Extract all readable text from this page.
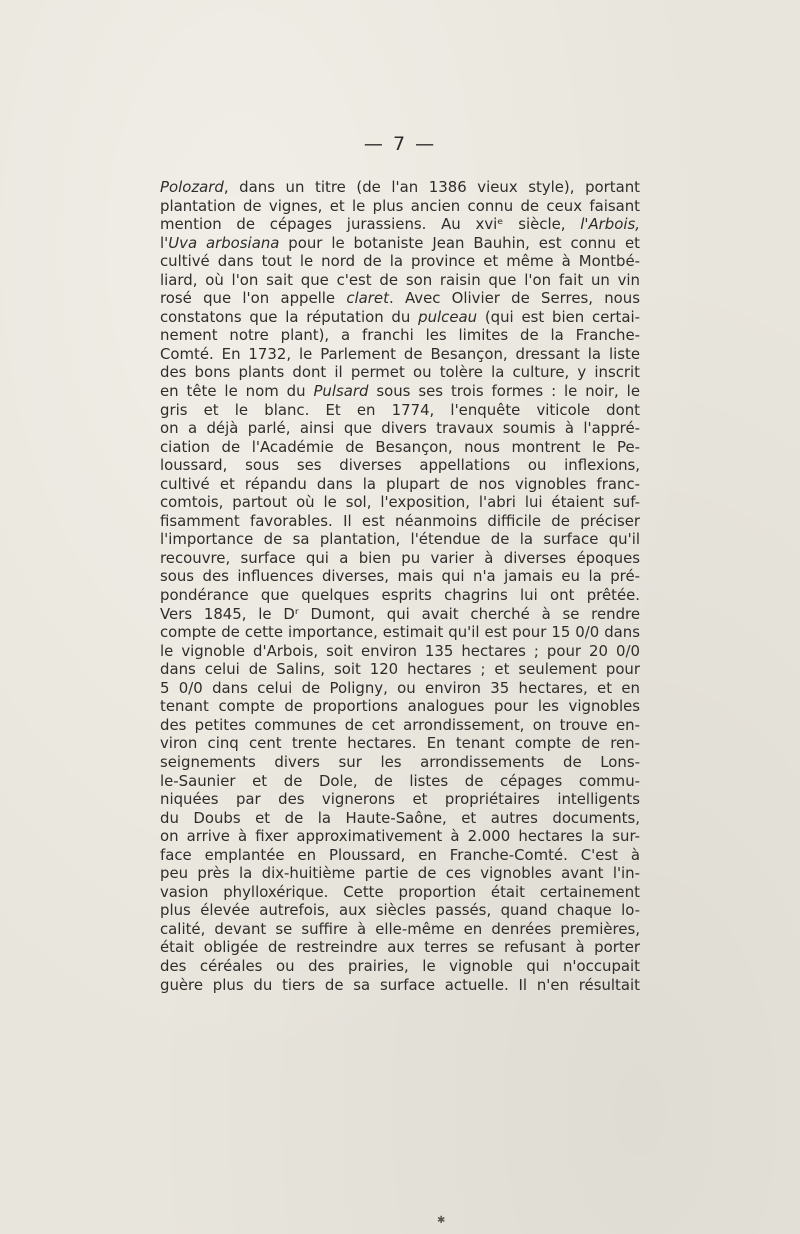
— 7 —
Polozard, dans un titre (de l'an 1386 vieux style), portant
plantation de vignes, et le plus ancien connu de ceux faisant
mention de cépages jurassiens. Au xviᵉ siècle, l'Arbois,
l'Uva arbosiana pour le botaniste Jean Bauhin, est connu et
cultivé dans tout le nord de la province et même à Montbé-
liard, où l'on sait que c'est de son raisin que l'on fait un vin
rosé que l'on appelle claret. Avec Olivier de Serres, nous
constatons que la réputation du pulceau (qui est bien certai-
nement notre plant), a franchi les limites de la Franche-
Comté. En 1732, le Parlement de Besançon, dressant la liste
des bons plants dont il permet ou tolère la culture, y inscrit
en tête le nom du Pulsard sous ses trois formes : le noir, le
gris et le blanc. Et en 1774, l'enquête viticole dont
on a déjà parlé, ainsi que divers travaux soumis à l'appré-
ciation de l'Académie de Besançon, nous montrent le Pe-
loussard, sous ses diverses appellations ou inflexions,
cultivé et répandu dans la plupart de nos vignobles franc-
comtois, partout où le sol, l'exposition, l'abri lui étaient suf-
fisamment favorables. Il est néanmoins difficile de préciser
l'importance de sa plantation, l'étendue de la surface qu'il
recouvre, surface qui a bien pu varier à diverses époques
sous des influences diverses, mais qui n'a jamais eu la pré-
pondérance que quelques esprits chagrins lui ont prêtée.
Vers 1845, le Dʳ Dumont, qui avait cherché à se rendre
compte de cette importance, estimait qu'il est pour 15 0/0 dans
le vignoble d'Arbois, soit environ 135 hectares ; pour 20 0/0
dans celui de Salins, soit 120 hectares ; et seulement pour
5 0/0 dans celui de Poligny, ou environ 35 hectares, et en
tenant compte de proportions analogues pour les vignobles
des petites communes de cet arrondissement, on trouve en-
viron cinq cent trente hectares. En tenant compte de ren-
seignements divers sur les arrondissements de Lons-
le-Saunier et de Dole, de listes de cépages commu-
niquées par des vignerons et propriétaires intelligents
du Doubs et de la Haute-Saône, et autres documents,
on arrive à fixer approximativement à 2.000 hectares la sur-
face emplantée en Ploussard, en Franche-Comté. C'est à
peu près la dix-huitième partie de ces vignobles avant l'in-
vasion phylloxérique. Cette proportion était certainement
plus élevée autrefois, aux siècles passés, quand chaque lo-
calité, devant se suffire à elle-même en denrées premières,
était obligée de restreindre aux terres se refusant à porter
des céréales ou des prairies, le vignoble qui n'occupait
guère plus du tiers de sa surface actuelle. Il n'en résultait
✱
